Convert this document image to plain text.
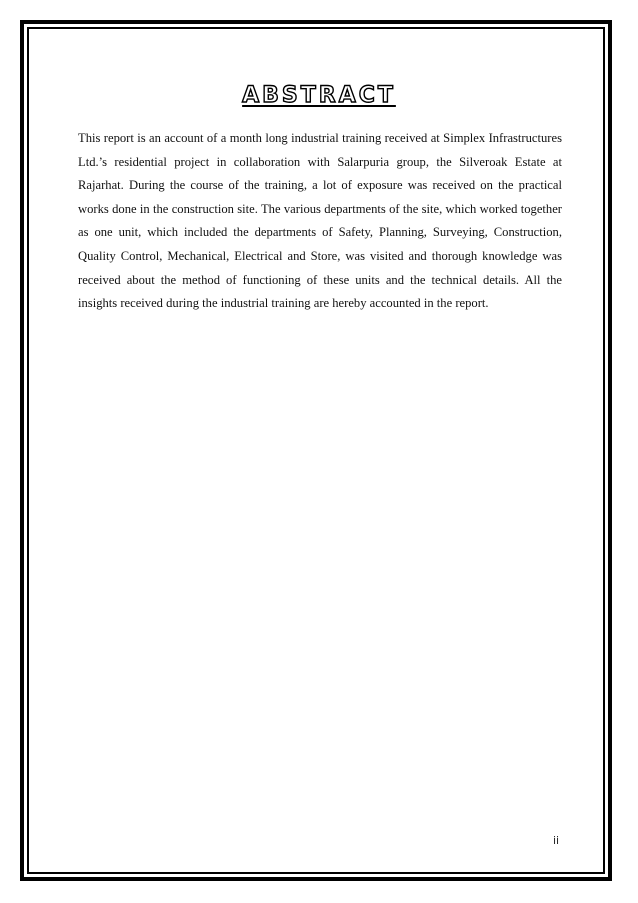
ABSTRACT

This report is an account of a month long industrial training received at Simplex Infrastructures Ltd.’s residential project in collaboration with Salarpuria group, the Silveroak Estate at Rajarhat. During the course of the training, a lot of exposure was received on the practical works done in the construction site. The various departments of the site, which worked together as one unit, which included the departments of Safety, Planning, Surveying, Construction, Quality Control, Mechanical, Electrical and Store, was visited and thorough knowledge was received about the method of functioning of these units and the technical details. All the insights received during the industrial training are hereby accounted in the report.

ii
